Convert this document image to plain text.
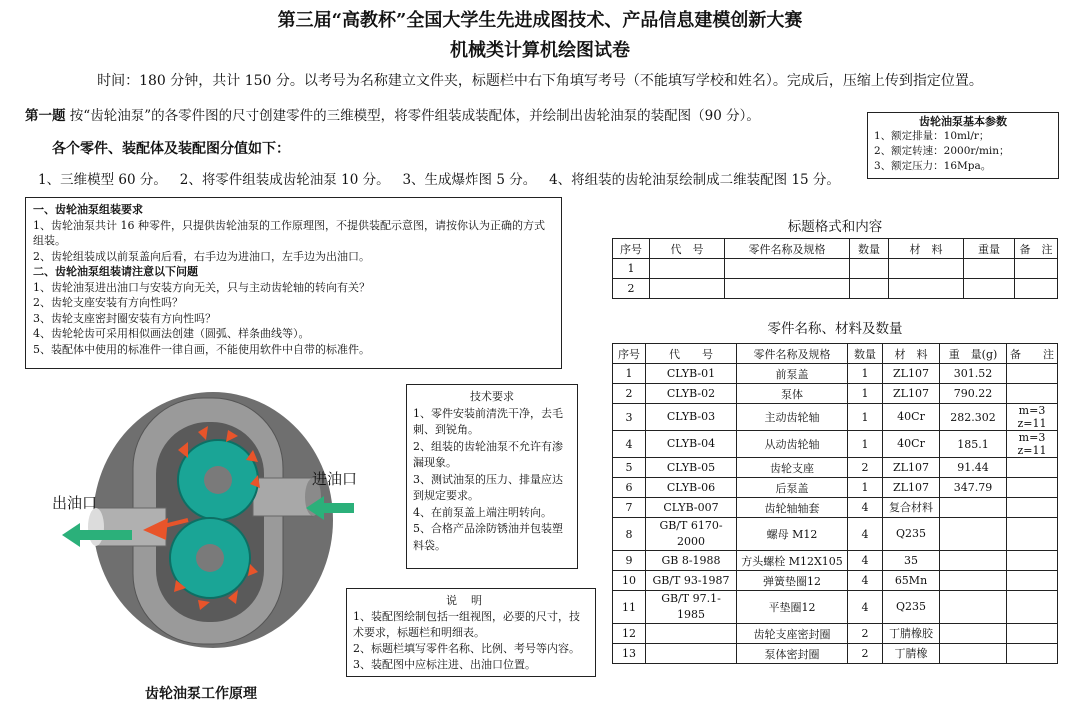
第三届“高教杯”全国大学生先进成图技术、产品信息建模创新大赛
机械类计算机绘图试卷
时间：180 分钟，共计 150 分。以考号为名称建立文件夹，标题栏中右下角填写考号（不能填写学校和姓名）。完成后，压缩上传到指定位置。
第一题 按“齿轮油泵”的各零件图的尺寸创建零件的三维模型，将零件组装成装配体，并绘制出齿轮油泵的装配图（90 分）。
各个零件、装配体及装配图分值如下：
1、三维模型 60 分。   2、将零件组装成齿轮油泵 10 分。   3、生成爆炸图 5 分。   4、将组装的齿轮油泵绘制成二维装配图 15 分。
齿轮油泵基本参数
1、额定排量：10ml/r；
2、额定转速：2000r/min；
3、额定压力：16Mpa。
一、齿轮油泵组装要求
1、齿轮油泵共计 16 种零件，只提供齿轮油泵的工作原理图，不提供装配示意图，请按你认为正确的方式组装。
2、齿轮组装成以前泵盖向后看，右手边为进油口，左手边为出油口。
二、齿轮油泵组装请注意以下问题
1、齿轮油泵进出油口与安装方向无关，只与主动齿轮轴的转向有关？
2、齿轮支座安装有方向性吗？
3、齿轮支座密封圈安装有方向性吗？
4、齿轮轮齿可采用相似画法创建（圆弧、样条曲线等）。
5、装配体中使用的标准件一律自画，不能使用软件中自带的标准件。
出油口
进油口
齿轮油泵工作原理
技术要求
1、零件安装前清洗干净，去毛刺、到锐角。
2、组装的齿轮油泵不允许有渗漏现象。
3、测试油泵的压力、排量应达到规定要求。
4、在前泵盖上端注明转向。
5、合格产品涂防锈油并包装塑料袋。
说明
1、装配图绘制包括一组视图，必要的尺寸，技术要求，标题栏和明细表。
2、标题栏填写零件名称、比例、考号等内容。
3、装配图中应标注进、出油口位置。
标题格式和内容
序号	代　号	零件名称及规格	数量	材　料	重量	备　注
1						
2						
零件名称、材料及数量
序号	代　　号	零件名称及规格	数量	材　料	重　量(g)	备　　注
1	CLYB-01	前泵盖	1	ZL107	301.52	
2	CLYB-02	泵体	1	ZL107	790.22	
3	CLYB-03	主动齿轮轴	1	40Cr	282.302	m=3 z=11
4	CLYB-04	从动齿轮轴	1	40Cr	185.1	m=3 z=11
5	CLYB-05	齿轮支座	2	ZL107	91.44	
6	CLYB-06	后泵盖	1	ZL107	347.79	
7	CLYB-007	齿轮轴轴套	4	复合材料		
8	GB/T 6170-2000	螺母 M12	4	Q235		
9	GB 8-1988	方头螺栓 M12X105	4	35		
10	GB/T 93-1987	弹簧垫圈12	4	65Mn		
11	GB/T 97.1-1985	平垫圈12	4	Q235		
12		齿轮支座密封圈	2	丁腈橡胶		
13		泵体密封圈	2	丁腈橡		
